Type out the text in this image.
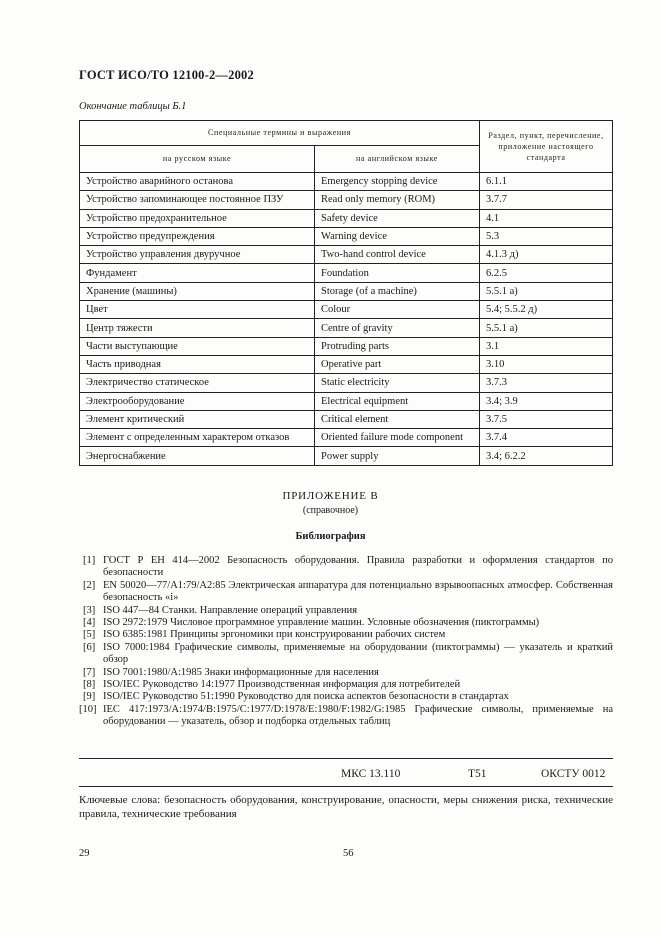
ГОСТ ИСО/ТО 12100-2—2002
Окончание таблицы Б.1
Специальные термины и выражения		Раздел, пункт, перечисление, приложение настоящего стандарта
на русском языке	на английском языке	
Устройство аварийного останова	Emergency stopping device	6.1.1
Устройство запоминающее постоянное ПЗУ	Read only memory (ROM)	3.7.7
Устройство предохранительное	Safety device	4.1
Устройство предупреждения	Warning device	5.3
Устройство управления двуручное	Two-hand control device	4.1.3 д)
Фундамент	Foundation	6.2.5
Хранение (машины)	Storage (of a machine)	5.5.1 а)
Цвет	Colour	5.4; 5.5.2 д)
Центр тяжести	Centre of gravity	5.5.1 а)
Части выступающие	Protruding parts	3.1
Часть приводная	Operative part	3.10
Электричество статическое	Static electricity	3.7.3
Электрооборудование	Electrical equipment	3.4; 3.9
Элемент критический	Critical element	3.7.5
Элемент с определенным характером отказов	Oriented failure mode component	3.7.4
Энергоснабжение	Power supply	3.4; 6.2.2
ПРИЛОЖЕНИЕ В
(справочное)
Библиография
[1] ГОСТ Р ЕН 414—2002 Безопасность оборудования. Правила разработки и оформления стандартов по безопасности
[2] EN 50020—77/A1:79/A2:85 Электрическая аппаратура для потенциально взрывоопасных атмосфер. Собственная безопасность «i»
[3] ISO 447—84 Станки. Направление операций управления
[4] ISO 2972:1979 Числовое программное управление машин. Условные обозначения (пиктограммы)
[5] ISO 6385:1981 Принципы эргономики при конструировании рабочих систем
[6] ISO 7000:1984 Графические символы, применяемые на оборудовании (пиктограммы) — указатель и краткий обзор
[7] ISO 7001:1980/A:1985 Знаки информационные для населения
[8] ISO/IEC Руководство 14:1977 Производственная информация для потребителей
[9] ISO/IEC Руководство 51:1990 Руководство для поиска аспектов безопасности в стандартах
[10] IEC 417:1973/A:1974/B:1975/C:1977/D:1978/E:1980/F:1982/G:1985 Графические символы, применяемые на оборудовании — указатель, обзор и подборка отдельных таблиц
МКС 13.110	Т51	ОКСТУ 0012
Ключевые слова: безопасность оборудования, конструирование, опасности, меры снижения риска, технические правила, технические требования
29	56
